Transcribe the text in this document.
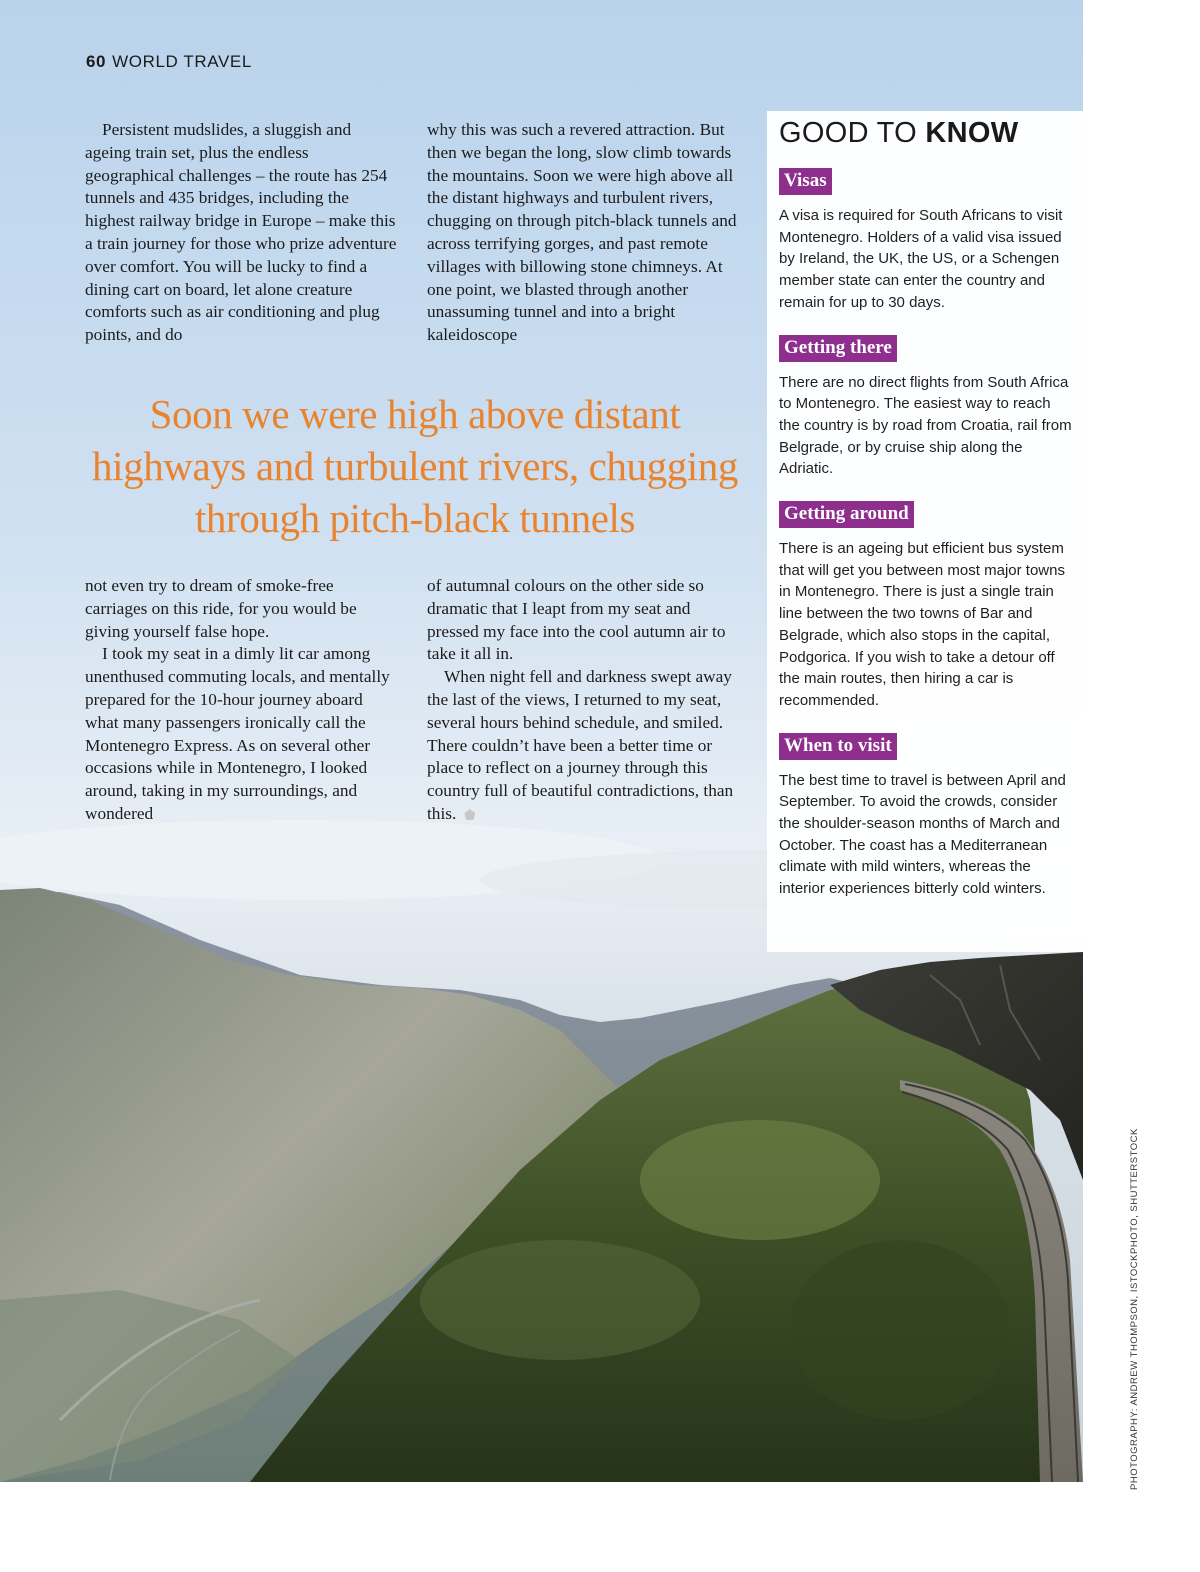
60 WORLD TRAVEL

Persistent mudslides, a sluggish and ageing train set, plus the endless geographical challenges – the route has 254 tunnels and 435 bridges, including the highest railway bridge in Europe – make this a train journey for those who prize adventure over comfort. You will be lucky to find a dining cart on board, let alone creature comforts such as air conditioning and plug points, and do

why this was such a revered attraction. But then we began the long, slow climb towards the mountains. Soon we were high above all the distant highways and turbulent rivers, chugging on through pitch-black tunnels and across terrifying gorges, and past remote villages with billowing stone chimneys. At one point, we blasted through another unassuming tunnel and into a bright kaleidoscope

Soon we were high above distant highways and turbulent rivers, chugging through pitch-black tunnels

not even try to dream of smoke-free carriages on this ride, for you would be giving yourself false hope.

I took my seat in a dimly lit car among unenthused commuting locals, and mentally prepared for the 10-hour journey aboard what many passengers ironically call the Montenegro Express. As on several other occasions while in Montenegro, I looked around, taking in my surroundings, and wondered

of autumnal colours on the other side so dramatic that I leapt from my seat and pressed my face into the cool autumn air to take it all in.

When night fell and darkness swept away the last of the views, I returned to my seat, several hours behind schedule, and smiled. There couldn’t have been a better time or place to reflect on a journey through this country full of beautiful contradictions, than this.

GOOD TO KNOW
Visas

A visa is required for South Africans to visit Montenegro. Holders of a valid visa issued by Ireland, the UK, the US, or a Schengen member state can enter the country and remain for up to 30 days.

Getting there

There are no direct flights from South Africa to Montenegro. The easiest way to reach the country is by road from Croatia, rail from Belgrade, or by cruise ship along the Adriatic.

Getting around

There is an ageing but efficient bus system that will get you between most major towns in Montenegro. There is just a single train line between the two towns of Bar and Belgrade, which also stops in the capital, Podgorica. If you wish to take a detour off the main routes, then hiring a car is recommended.

When to visit

The best time to travel is between April and September. To avoid the crowds, consider the shoulder-season months of March and October. The coast has a Mediterranean climate with mild winters, whereas the interior experiences bitterly cold winters.

PHOTOGRAPHY: ANDREW THOMPSON, ISTOCKPHOTO, SHUTTERSTOCK
